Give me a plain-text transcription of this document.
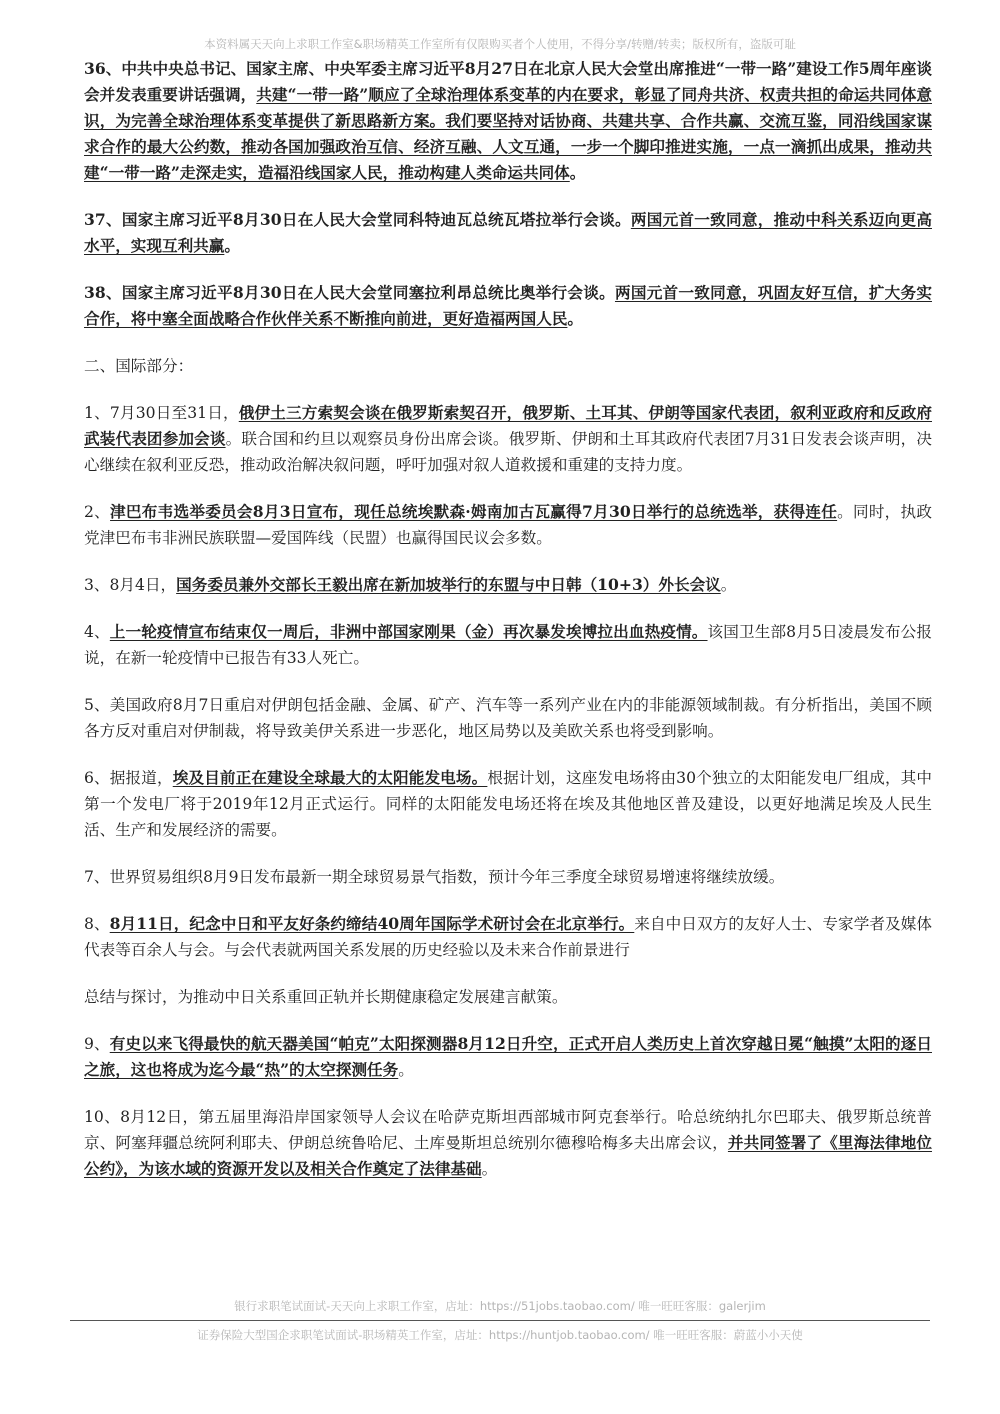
本资料属天天向上求职工作室&职场精英工作室所有仅限购买者个人使用，不得分享/转赠/转卖；版权所有，盗版可耻

36、中共中央总书记、国家主席、中央军委主席习近平8月27日在北京人民大会堂出席推进“一带一路”建设工作5周年座谈会并发表重要讲话强调，共建“一带一路”顺应了全球治理体系变革的内在要求，彰显了同舟共济、权责共担的命运共同体意识，为完善全球治理体系变革提供了新思路新方案。我们要坚持对话协商、共建共享、合作共赢、交流互鉴，同沿线国家谋求合作的最大公约数，推动各国加强政治互信、经济互融、人文互通，一步一个脚印推进实施，一点一滴抓出成果，推动共建“一带一路”走深走实，造福沿线国家人民，推动构建人类命运共同体。

37、国家主席习近平8月30日在人民大会堂同科特迪瓦总统瓦塔拉举行会谈。两国元首一致同意，推动中科关系迈向更高水平，实现互利共赢。

38、国家主席习近平8月30日在人民大会堂同塞拉利昂总统比奥举行会谈。两国元首一致同意，巩固友好互信，扩大务实合作，将中塞全面战略合作伙伴关系不断推向前进，更好造福两国人民。

二、国际部分：

1、7月30日至31日，俄伊土三方索契会谈在俄罗斯索契召开，俄罗斯、土耳其、伊朗等国家代表团，叙利亚政府和反政府武装代表团参加会谈。联合国和约旦以观察员身份出席会谈。俄罗斯、伊朗和土耳其政府代表团7月31日发表会谈声明，决心继续在叙利亚反恐，推动政治解决叙问题，呼吁加强对叙人道救援和重建的支持力度。

2、津巴布韦选举委员会8月3日宣布，现任总统埃默森·姆南加古瓦赢得7月30日举行的总统选举，获得连任。同时，执政党津巴布韦非洲民族联盟—爱国阵线（民盟）也赢得国民议会多数。

3、8月4日，国务委员兼外交部长王毅出席在新加坡举行的东盟与中日韩（10+3）外长会议。

4、上一轮疫情宣布结束仅一周后，非洲中部国家刚果（金）再次暴发埃博拉出血热疫情。该国卫生部8月5日凌晨发布公报说，在新一轮疫情中已报告有33人死亡。

5、美国政府8月7日重启对伊朗包括金融、金属、矿产、汽车等一系列产业在内的非能源领域制裁。有分析指出，美国不顾各方反对重启对伊制裁，将导致美伊关系进一步恶化，地区局势以及美欧关系也将受到影响。

6、据报道，埃及目前正在建设全球最大的太阳能发电场。根据计划，这座发电场将由30个独立的太阳能发电厂组成，其中第一个发电厂将于2019年12月正式运行。同样的太阳能发电场还将在埃及其他地区普及建设，以更好地满足埃及人民生活、生产和发展经济的需要。

7、世界贸易组织8月9日发布最新一期全球贸易景气指数，预计今年三季度全球贸易增速将继续放缓。

8、8月11日，纪念中日和平友好条约缔结40周年国际学术研讨会在北京举行。来自中日双方的友好人士、专家学者及媒体代表等百余人与会。与会代表就两国关系发展的历史经验以及未来合作前景进行

总结与探讨，为推动中日关系重回正轨并长期健康稳定发展建言献策。

9、有史以来飞得最快的航天器美国“帕克”太阳探测器8月12日升空，正式开启人类历史上首次穿越日冕“触摸”太阳的逐日之旅，这也将成为迄今最“热”的太空探测任务。

10、8月12日，第五届里海沿岸国家领导人会议在哈萨克斯坦西部城市阿克套举行。哈总统纳扎尔巴耶夫、俄罗斯总统普京、阿塞拜疆总统阿利耶夫、伊朗总统鲁哈尼、土库曼斯坦总统别尔德穆哈梅多夫出席会议，并共同签署了《里海法律地位公约》，为该水域的资源开发以及相关合作奠定了法律基础。

银行求职笔试面试-天天向上求职工作室，店址：https://51jobs.taobao.com/ 唯一旺旺客服：galerjim
证券保险大型国企求职笔试面试-职场精英工作室，店址：https://huntjob.taobao.com/ 唯一旺旺客服：蔚蓝小小天使
